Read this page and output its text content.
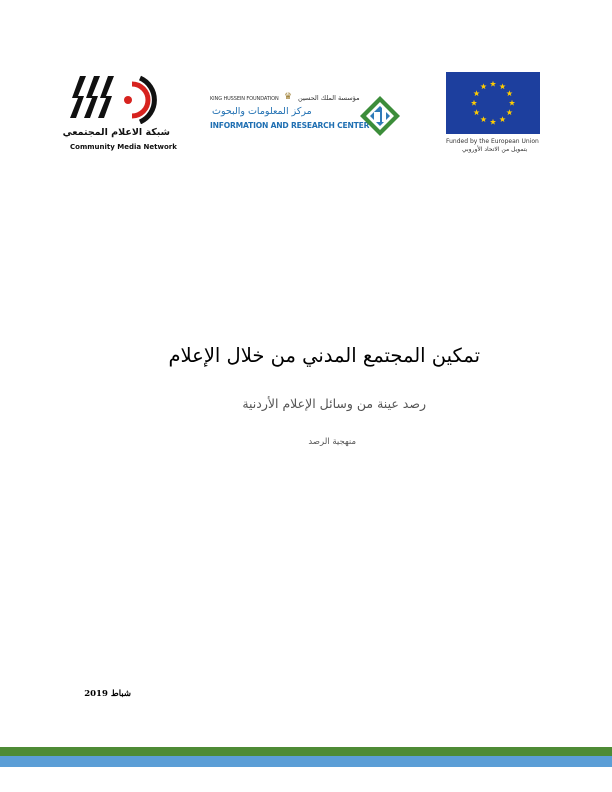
شبكة الاعلام المجتمعي
Community Media Network
KING HUSSEIN FOUNDATION ♛ مؤسسة الملك الحسين
مركز المعلومات والبحوث
INFORMATION AND RESEARCH CENTER
Funded by the European Union
بتمويل من الاتحاد الأوروبي
تمكين المجتمع المدني من خلال الإعلام
رصد عينة من وسائل الإعلام الأردنية
منهجية الرصد
شباط 2019
